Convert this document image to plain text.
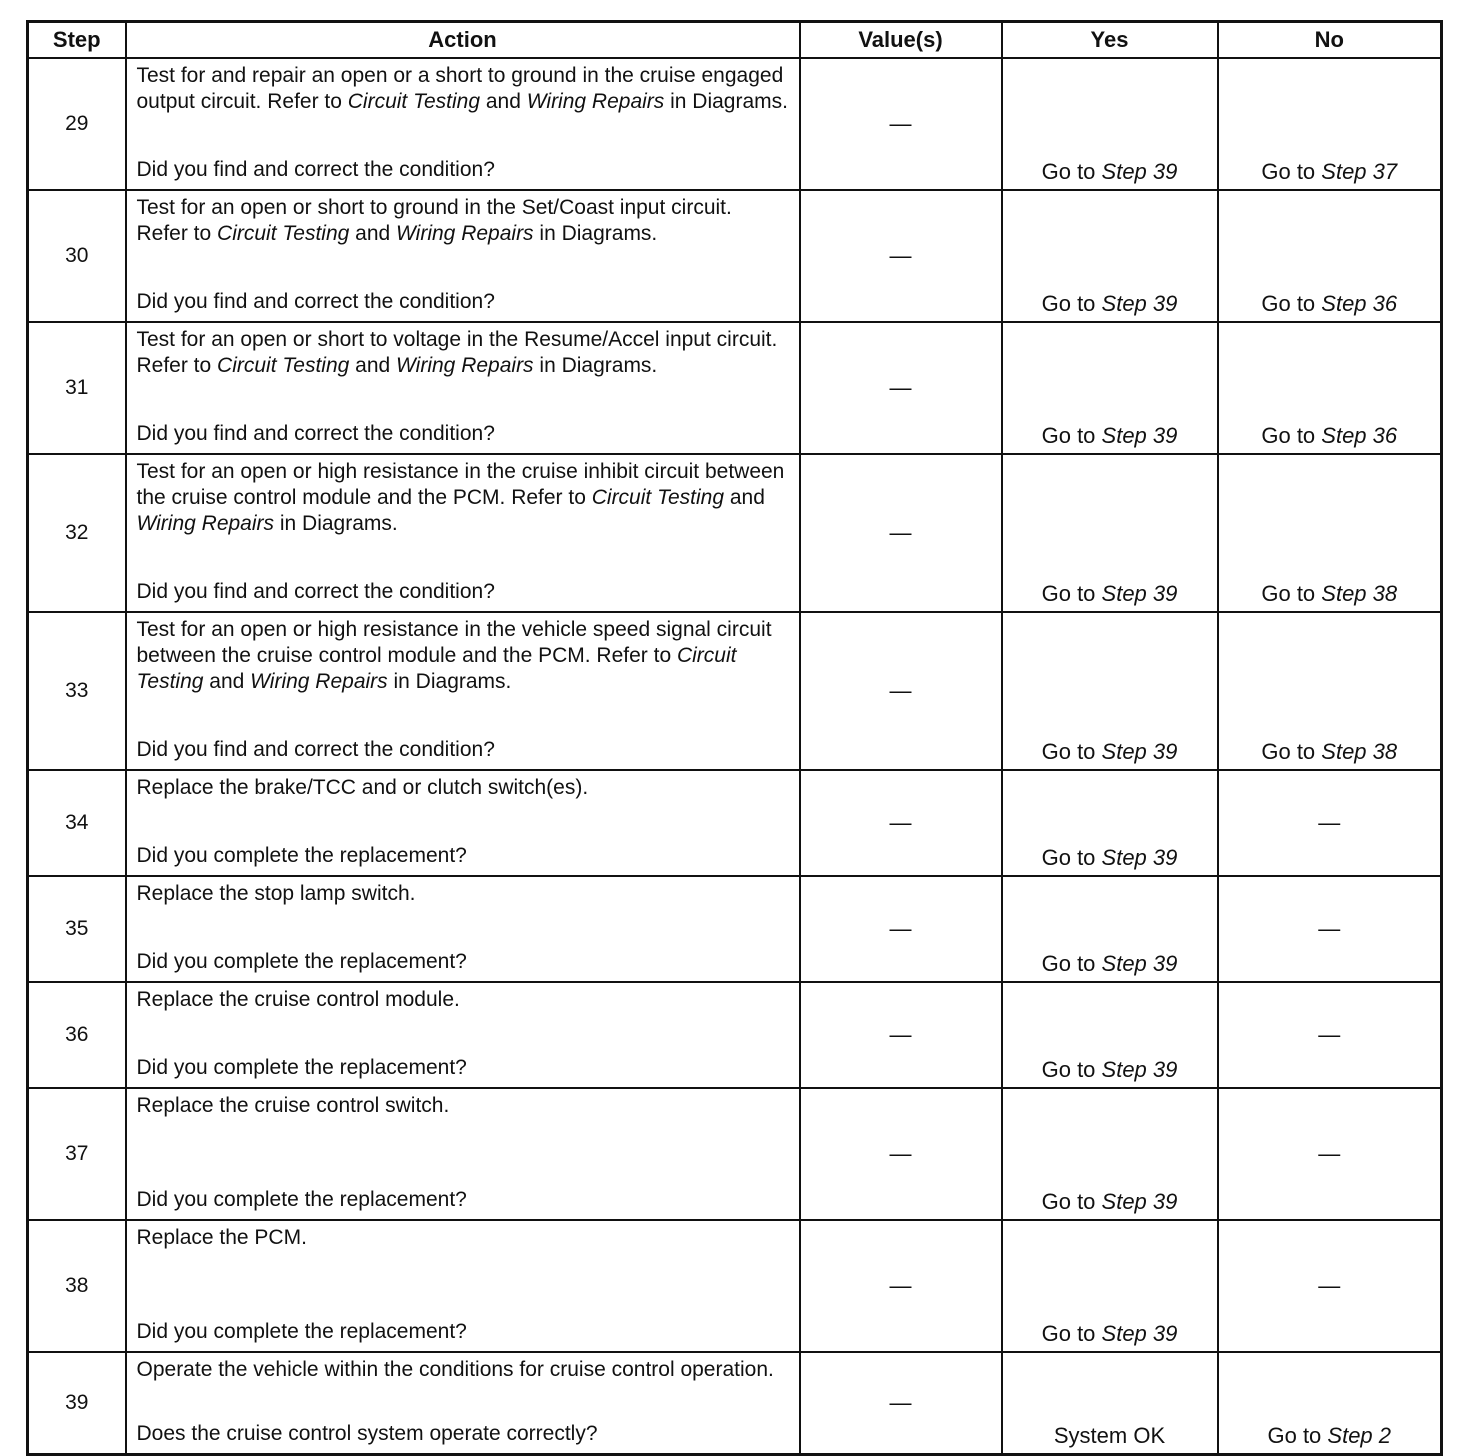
Step	Action	Value(s)	Yes	No
29	Test for and repair an open or a short to ground in the cruise engaged output circuit. Refer to Circuit Testing and Wiring Repairs in Diagrams.
Did you find and correct the condition?	—	Go to Step 39	Go to Step 37
30	Test for an open or short to ground in the Set/Coast input circuit. Refer to Circuit Testing and Wiring Repairs in Diagrams.
Did you find and correct the condition?	—	Go to Step 39	Go to Step 36
31	Test for an open or short to voltage in the Resume/Accel input circuit. Refer to Circuit Testing and Wiring Repairs in Diagrams.
Did you find and correct the condition?	—	Go to Step 39	Go to Step 36
32	Test for an open or high resistance in the cruise inhibit circuit between the cruise control module and the PCM. Refer to Circuit Testing and Wiring Repairs in Diagrams.
Did you find and correct the condition?	—	Go to Step 39	Go to Step 38
33	Test for an open or high resistance in the vehicle speed signal circuit between the cruise control module and the PCM. Refer to Circuit Testing and Wiring Repairs in Diagrams.
Did you find and correct the condition?	—	Go to Step 39	Go to Step 38
34	Replace the brake/TCC and or clutch switch(es).
Did you complete the replacement?	—	Go to Step 39	—
35	Replace the stop lamp switch.
Did you complete the replacement?	—	Go to Step 39	—
36	Replace the cruise control module.
Did you complete the replacement?	—	Go to Step 39	—
37	Replace the cruise control switch.
Did you complete the replacement?	—	Go to Step 39	—
38	Replace the PCM.
Did you complete the replacement?	—	Go to Step 39	—
39	Operate the vehicle within the conditions for cruise control operation.
Does the cruise control system operate correctly?	—	System OK	Go to Step 2
